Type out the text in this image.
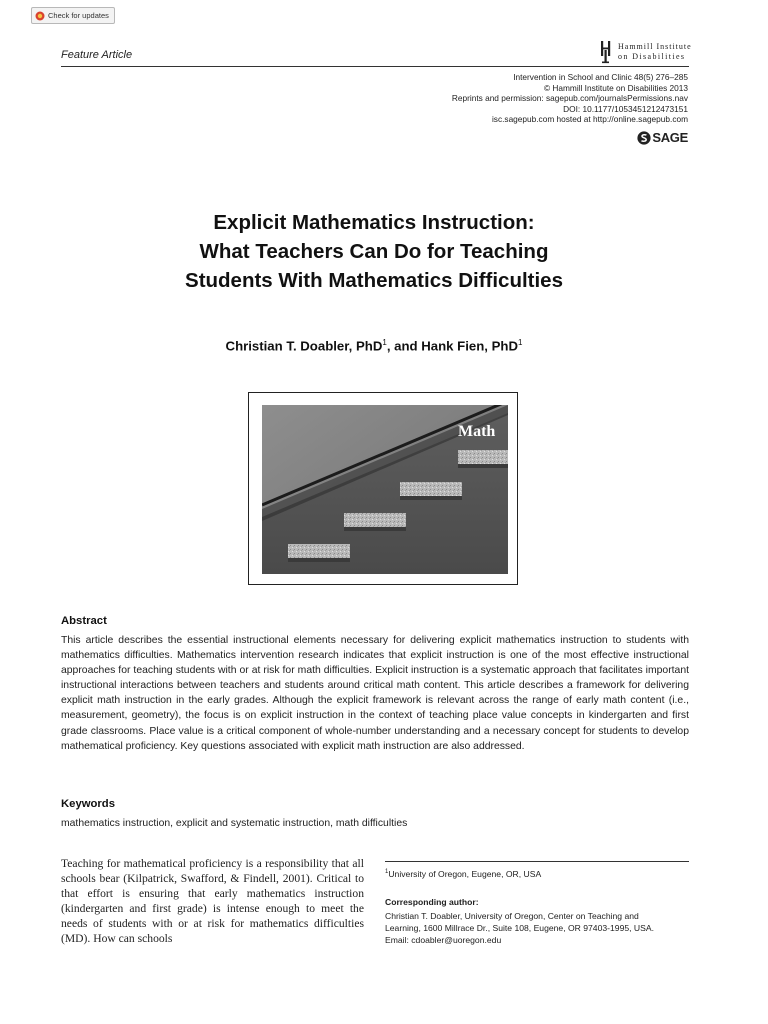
Check for updates
Feature Article
Hammill Institute
on Disabilities
Intervention in School and Clinic 48(5) 276–285
© Hammill Institute on Disabilities 2013
Reprints and permission: sagepub.com/journalsPermissions.nav
DOI: 10.1177/1053451212473151
isc.sagepub.com hosted at http://online.sagepub.com
SAGE
Explicit Mathematics Instruction:
What Teachers Can Do for Teaching
Students With Mathematics Difficulties
Christian T. Doabler, PhD$^1$, and Hank Fien, PhD$^1$
Math
Abstract
This article describes the essential instructional elements necessary for delivering explicit mathematics instruction to students with mathematics difficulties. Mathematics intervention research indicates that explicit instruction is one of the most effective instructional approaches for teaching students with or at risk for math difficulties. Explicit instruction is a systematic approach that facilitates important instructional interactions between teachers and students around critical math content. This article describes a framework for delivering explicit math instruction in the early grades. Although the explicit framework is relevant across the range of early math content (i.e., measurement, geometry), the focus is on explicit instruction in the context of teaching place value concepts in kindergarten and first grade classrooms. Place value is a critical component of whole-number understanding and a necessary concept for students to develop mathematical proficiency. Key questions associated with explicit math instruction are also addressed.
Keywords
mathematics instruction, explicit and systematic instruction, math difficulties
Teaching for mathematical proficiency is a responsibility that all schools bear (Kilpatrick, Swafford, & Findell, 2001). Critical to that effort is ensuring that early mathematics instruction (kindergarten and first grade) is intense enough to meet the needs of students with or at risk for mathematics difficulties (MD). How can schools
$^1$University of Oregon, Eugene, OR, USA
Corresponding author:
Christian T. Doabler, University of Oregon, Center on Teaching and
Learning, 1600 Millrace Dr., Suite 108, Eugene, OR 97403-1995, USA.
Email: cdoabler@uoregon.edu
